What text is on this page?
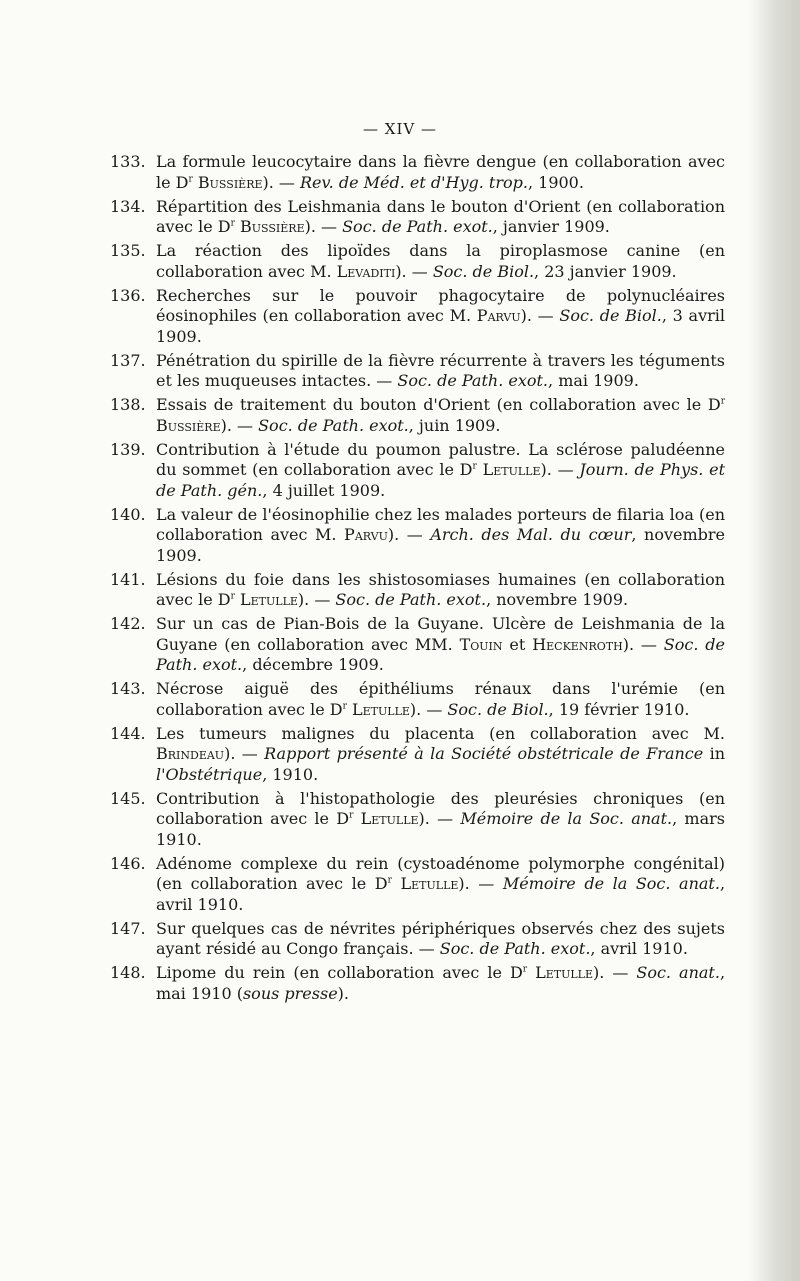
— XIV —
133. La formule leucocytaire dans la fièvre dengue (en collaboration avec le $D^r$ Bussière). — Rev. de Méd. et d'Hyg. trop., 1900.
134. Répartition des Leishmania dans le bouton d'Orient (en collaboration avec le $D^r$ Bussière). — Soc. de Path. exot., janvier 1909.
135. La réaction des lipoïdes dans la piroplasmose canine (en collaboration avec M. Levaditi). — Soc. de Biol., 23 janvier 1909.
136. Recherches sur le pouvoir phagocytaire de polynucléaires éosinophiles (en collaboration avec M. Parvu). — Soc. de Biol., 3 avril 1909.
137. Pénétration du spirille de la fièvre récurrente à travers les téguments et les muqueuses intactes. — Soc. de Path. exot., mai 1909.
138. Essais de traitement du bouton d'Orient (en collaboration avec le $D^r$ Bussière). — Soc. de Path. exot., juin 1909.
139. Contribution à l'étude du poumon palustre. La sclérose paludéenne du sommet (en collaboration avec le $D^r$ Letulle). — Journ. de Phys. et de Path. gén., 4 juillet 1909.
140. La valeur de l'éosinophilie chez les malades porteurs de filaria loa (en collaboration avec M. Parvu). — Arch. des Mal. du cœur, novembre 1909.
141. Lésions du foie dans les shistosomiases humaines (en collaboration avec le $D^r$ Letulle). — Soc. de Path. exot., novembre 1909.
142. Sur un cas de Pian-Bois de la Guyane. Ulcère de Leishmania de la Guyane (en collaboration avec MM. Touin et Heckenroth). — Soc. de Path. exot., décembre 1909.
143. Nécrose aiguë des épithéliums rénaux dans l'urémie (en collaboration avec le $D^r$ Letulle). — Soc. de Biol., 19 février 1910.
144. Les tumeurs malignes du placenta (en collaboration avec M. Brindeau). — Rapport présenté à la Société obstétricale de France in l'Obstétrique, 1910.
145. Contribution à l'histopathologie des pleurésies chroniques (en collaboration avec le $D^r$ Letulle). — Mémoire de la Soc. anat., mars 1910.
146. Adénome complexe du rein (cystoadénome polymorphe congénital) (en collaboration avec le $D^r$ Letulle). — Mémoire de la Soc. anat., avril 1910.
147. Sur quelques cas de névrites périphériques observés chez des sujets ayant résidé au Congo français. — Soc. de Path. exot., avril 1910.
148. Lipome du rein (en collaboration avec le $D^r$ Letulle). — Soc. anat., mai 1910 (sous presse).
